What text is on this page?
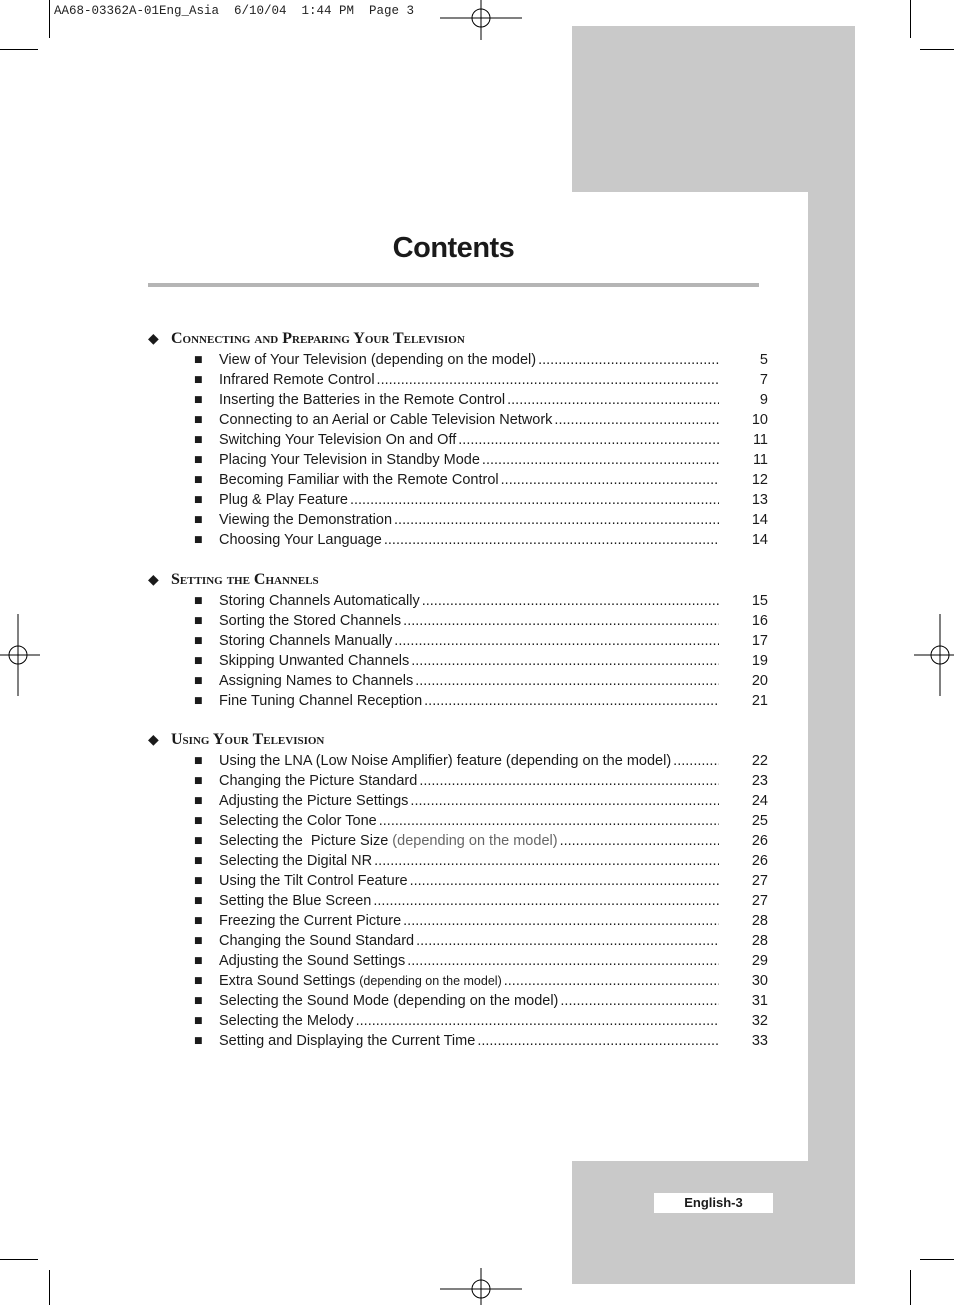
AA68-03362A-01Eng_Asia  6/10/04  1:44 PM  Page 3
Contents
◆ Connecting and Preparing Your Television
■ View of Your Television (depending on the model) .....	5
■ Infrared Remote Control .....	7
■ Inserting the Batteries in the Remote Control .....	9
■ Connecting to an Aerial or Cable Television Network .....	10
■ Switching Your Television On and Off .....	11
■ Placing Your Television in Standby Mode .....	11
■ Becoming Familiar with the Remote Control .....	12
■ Plug & Play Feature .....	13
■ Viewing the Demonstration .....	14
■ Choosing Your Language .....	14
◆ Setting the Channels
■ Storing Channels Automatically .....	15
■ Sorting the Stored Channels .....	16
■ Storing Channels Manually .....	17
■ Skipping Unwanted Channels .....	19
■ Assigning Names to Channels .....	20
■ Fine Tuning Channel Reception .....	21
◆ Using Your Television
■ Using the LNA (Low Noise Amplifier) feature (depending on the model) .....	22
■ Changing the Picture Standard .....	23
■ Adjusting the Picture Settings .....	24
■ Selecting the Color Tone .....	25
■ Selecting the  Picture Size (depending on the model) .....	26
■ Selecting the Digital NR .....	26
■ Using the Tilt Control Feature .....	27
■ Setting the Blue Screen .....	27
■ Freezing the Current Picture .....	28
■ Changing the Sound Standard .....	28
■ Adjusting the Sound Settings .....	29
■ Extra Sound Settings (depending on the model) .....	30
■ Selecting the Sound Mode (depending on the model) .....	31
■ Selecting the Melody .....	32
■ Setting and Displaying the Current Time .....	33
English-3
